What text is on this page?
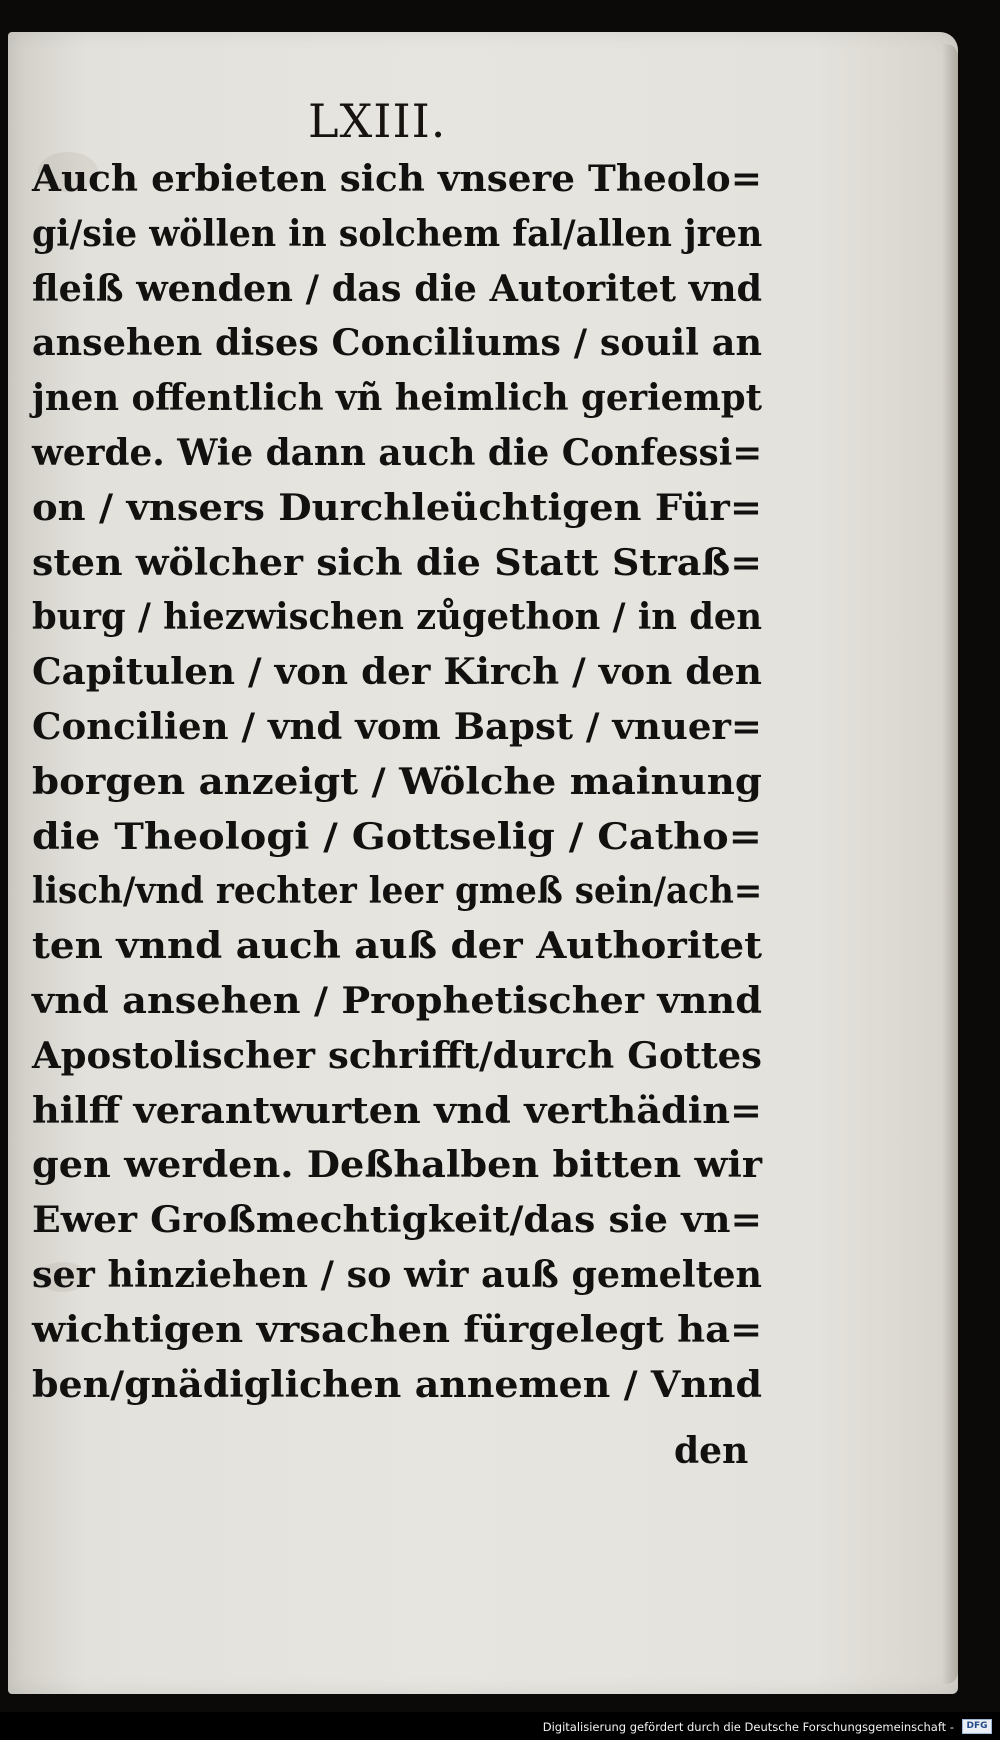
LXIII.
Auch erbieten sich vnsere Theolo=
gi/sie wöllen in solchem fal/allen jren
fleiß wenden / das die Autoritet vnd
ansehen dises Conciliums / souil an
jnen offentlich vñ heimlich geriempt
werde. Wie dann auch die Confessi=
on / vnsers Durchleüchtigen Für=
sten wölcher sich die Statt Straß=
burg / hiezwischen zůgethon / in den
Capitulen / von der Kirch / von den
Concilien / vnd vom Bapst / vnuer=
borgen anzeigt / Wölche mainung
die Theologi / Gottselig / Catho=
lisch/vnd rechter leer gmeß sein/ach=
ten vnnd auch auß der Authoritet
vnd ansehen / Prophetischer vnnd
Apostolischer schrifft/durch Gottes
hilff verantwurten vnd verthädin=
gen werden. Deßhalben bitten wir
Ewer Großmechtigkeit/das sie vn=
ser hinziehen / so wir auß gemelten
wichtigen vrsachen fürgelegt ha=
ben/gnädiglichen annemen / Vnnd
den
Digitalisierung gefördert durch die Deutsche Forschungsgemeinschaft -	DFG
